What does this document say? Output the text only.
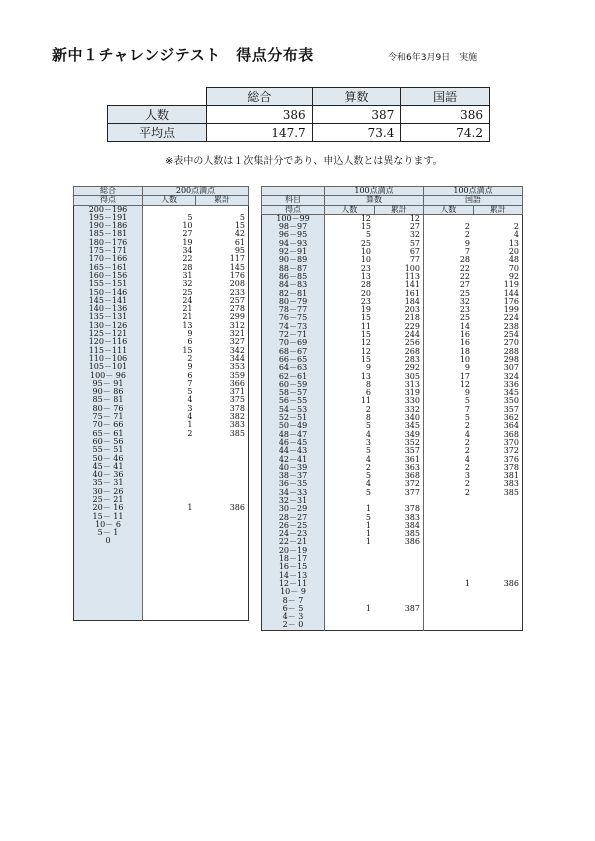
新中１チャレンジテスト　得点分布表	令和6年3月9日　実施
	総合	算数	国語
人数	386	387	386
平均点	147.7	73.4	74.2
※表中の人数は１次集計分であり、申込人数とは異なります。
総合	200点満点	
得点	人数	累計
200－196		
195－191	5	5
190－186	10	15
185－181	27	42
180－176	19	61
175－171	34	95
170－166	22	117
165－161	28	145
160－156	31	176
155－151	32	208
150－146	25	233
145－141	24	257
140－136	21	278
135－131	21	299
130－126	13	312
125－121	9	321
120－116	6	327
115－111	15	342
110－106	2	344
105－101	9	353
100－ 96	6	359
95－ 91	7	366
90－ 86	5	371
85－ 81	4	375
80－ 76	3	378
75－ 71	4	382
70－ 66	1	383
65－ 61	2	385
60－ 56		
55－ 51		
50－ 46		
45－ 41		
40－ 36		
35－ 31		
30－ 26		
25－ 21		
20－ 16	1	386
15－ 11		
10－ 6		
5－ 1		
0		

	100点満点		100点満点	
科目	算数		国語	
得点	人数	累計	人数	累計
100－99	12	12		
98－97	15	27	2	2
96－95	5	32	2	4
94－93	25	57	9	13
92－91	10	67	7	20
90－89	10	77	28	48
88－87	23	100	22	70
86－85	13	113	22	92
84－83	28	141	27	119
82－81	20	161	25	144
80－79	23	184	32	176
78－77	19	203	23	199
76－75	15	218	25	224
74－73	11	229	14	238
72－71	15	244	16	254
70－69	12	256	16	270
68－67	12	268	18	288
66－65	15	283	10	298
64－63	9	292	9	307
62－61	13	305	17	324
60－59	8	313	12	336
58－57	6	319	9	345
56－55	11	330	5	350
54－53	2	332	7	357
52－51	8	340	5	362
50－49	5	345	2	364
48－47	4	349	4	368
46－45	3	352	2	370
44－43	5	357	2	372
42－41	4	361	4	376
40－39	2	363	2	378
38－37	5	368	3	381
36－35	4	372	2	383
34－33	5	377	2	385
32－31				
30－29	1	378		
28－27	5	383		
26－25	1	384		
24－23	1	385		
22－21	1	386		
20－19				
18－17				
16－15				
14－13				
12－11			1	386
10－ 9				
8－ 7				
6－ 5	1	387		
4－ 3				
2－ 0				
